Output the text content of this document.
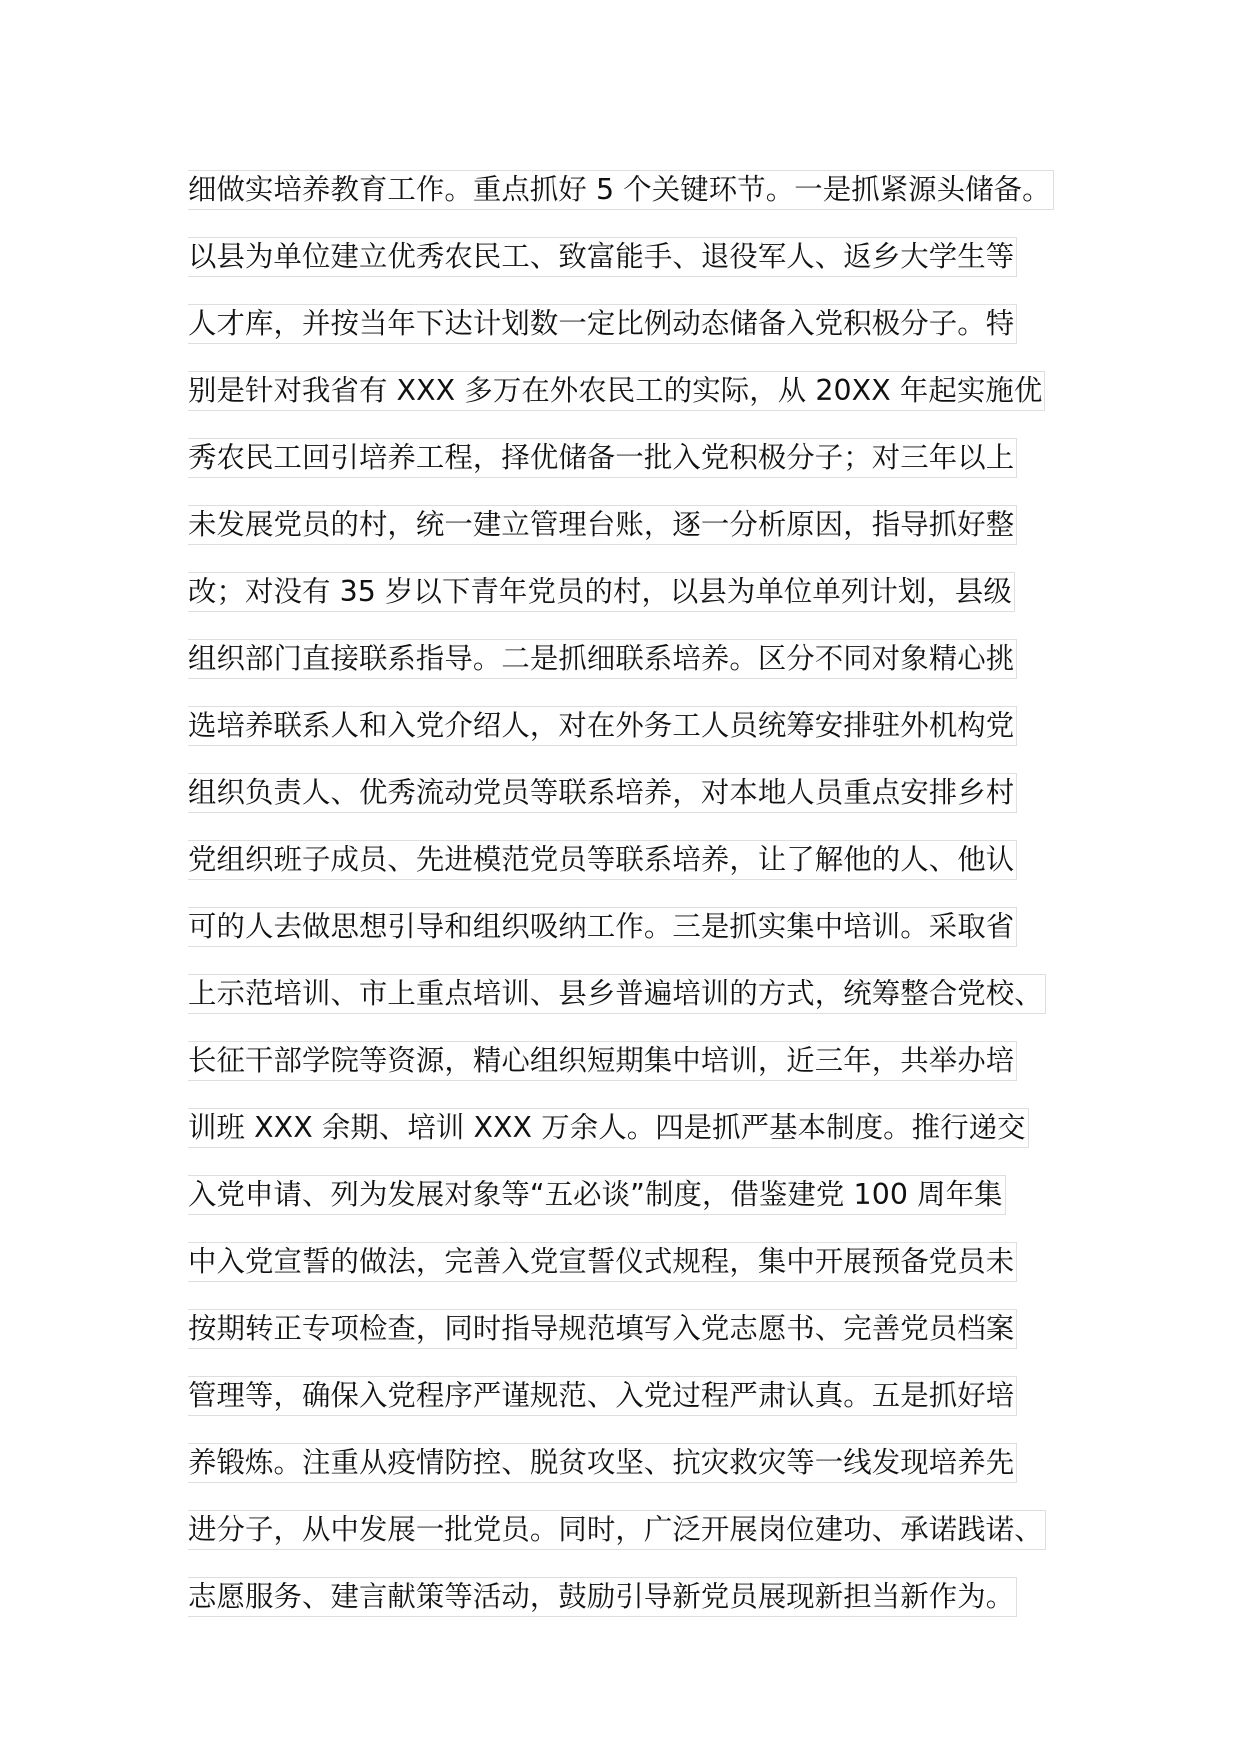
细做实培养教育工作。重点抓好 5 个关键环节。一是抓紧源头储备。
以县为单位建立优秀农民工、致富能手、退役军人、返乡大学生等
人才库，并按当年下达计划数一定比例动态储备入党积极分子。特
别是针对我省有 XXX 多万在外农民工的实际，从 20XX 年起实施优
秀农民工回引培养工程，择优储备一批入党积极分子；对三年以上
未发展党员的村，统一建立管理台账，逐一分析原因，指导抓好整
改；对没有 35 岁以下青年党员的村，以县为单位单列计划，县级
组织部门直接联系指导。二是抓细联系培养。区分不同对象精心挑
选培养联系人和入党介绍人，对在外务工人员统筹安排驻外机构党
组织负责人、优秀流动党员等联系培养，对本地人员重点安排乡村
党组织班子成员、先进模范党员等联系培养，让了解他的人、他认
可的人去做思想引导和组织吸纳工作。三是抓实集中培训。采取省
上示范培训、市上重点培训、县乡普遍培训的方式，统筹整合党校、
长征干部学院等资源，精心组织短期集中培训，近三年，共举办培
训班 XXX 余期、培训 XXX 万余人。四是抓严基本制度。推行递交
入党申请、列为发展对象等“五必谈”制度，借鉴建党 100 周年集
中入党宣誓的做法，完善入党宣誓仪式规程，集中开展预备党员未
按期转正专项检查，同时指导规范填写入党志愿书、完善党员档案
管理等，确保入党程序严谨规范、入党过程严肃认真。五是抓好培
养锻炼。注重从疫情防控、脱贫攻坚、抗灾救灾等一线发现培养先
进分子，从中发展一批党员。同时，广泛开展岗位建功、承诺践诺、
志愿服务、建言献策等活动，鼓励引导新党员展现新担当新作为。
